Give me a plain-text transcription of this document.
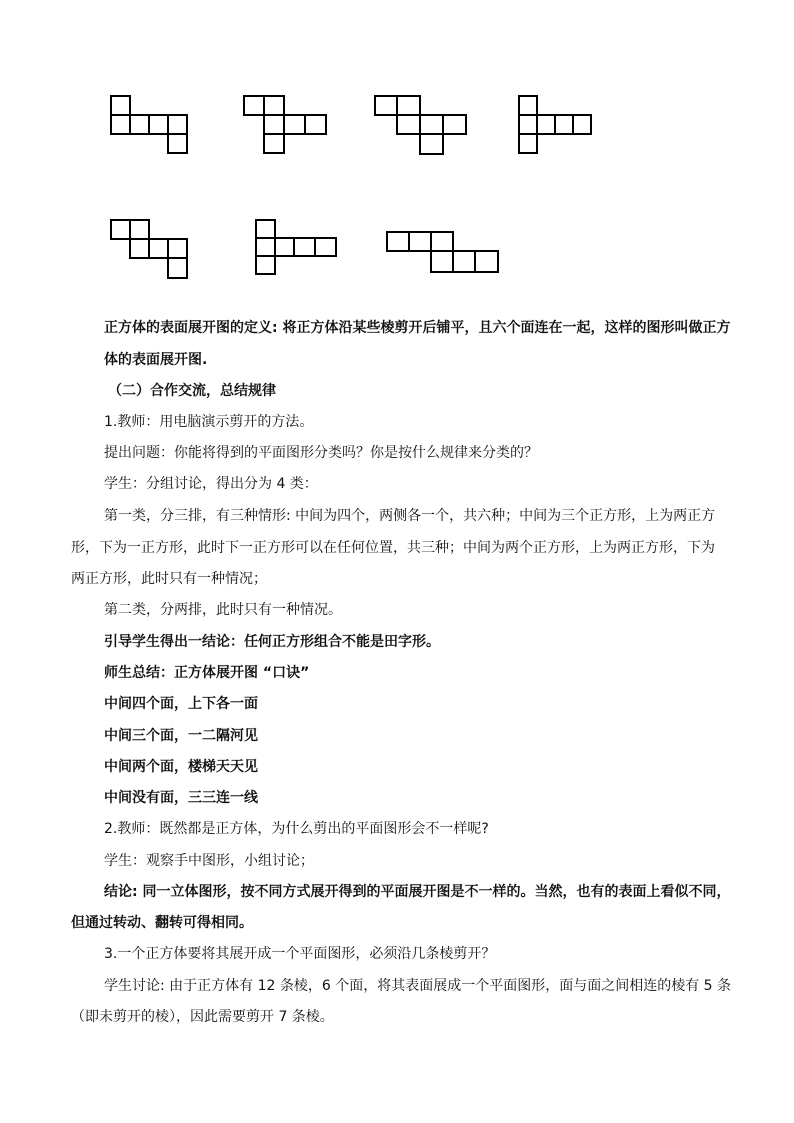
正方体的表面展开图的定义: 将正方体沿某些棱剪开后铺平，且六个面连在一起，这样的图形叫做正方
体的表面展开图.
（二）合作交流，总结规律
1.教师：用电脑演示剪开的方法。
提出问题：你能将得到的平面图形分类吗？你是按什么规律来分类的？
学生：分组讨论，得出分为 4 类：
第一类，分三排，有三种情形: 中间为四个，两侧各一个，共六种；中间为三个正方形，上为两正方
形，下为一正方形，此时下一正方形可以在任何位置，共三种；中间为两个正方形，上为两正方形，下为
两正方形，此时只有一种情况；
第二类，分两排，此时只有一种情况。
引导学生得出一结论：任何正方形组合不能是田字形。
师生总结：正方体展开图 “口诀”
中间四个面，上下各一面
中间三个面，一二隔河见
中间两个面，楼梯天天见
中间没有面，三三连一线
2.教师：既然都是正方体，为什么剪出的平面图形会不一样呢?
学生：观察手中图形，小组讨论；
结论: 同一立体图形，按不同方式展开得到的平面展开图是不一样的。当然，也有的表面上看似不同，
但通过转动、翻转可得相同。
3.一个正方体要将其展开成一个平面图形，必须沿几条棱剪开？
学生讨论: 由于正方体有 12 条棱，6 个面，将其表面展成一个平面图形，面与面之间相连的棱有 5 条
（即未剪开的棱），因此需要剪开 7 条棱。
